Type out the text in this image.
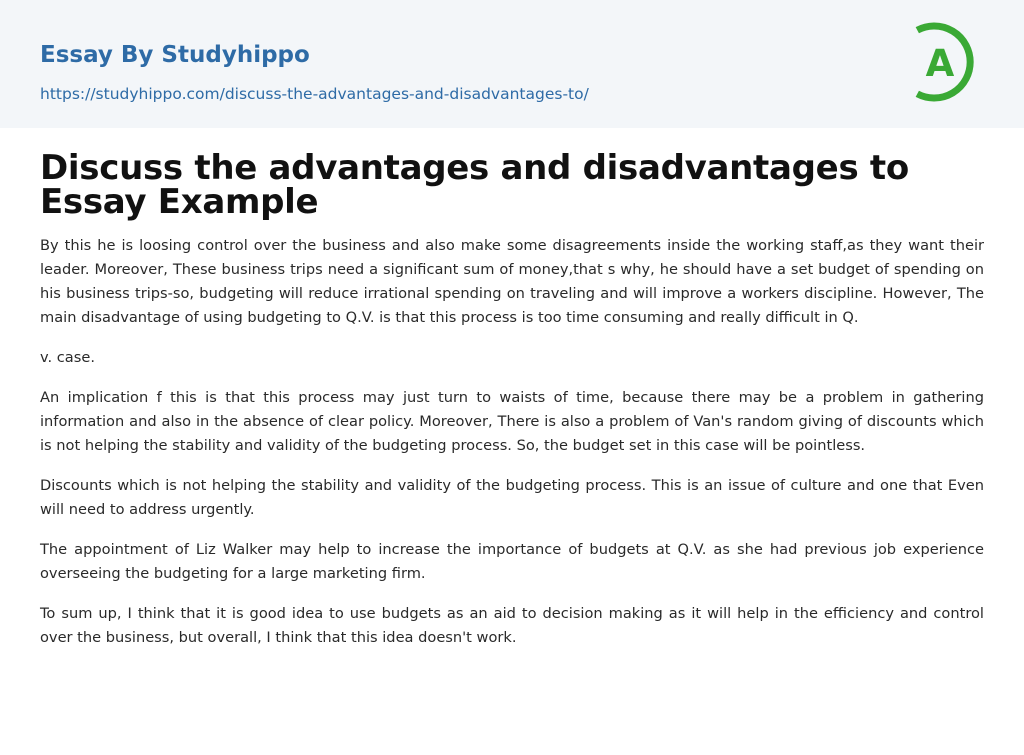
Essay By Studyhippo
https://studyhippo.com/discuss-the-advantages-and-disadvantages-to/
A
Discuss the advantages and disadvantages to Essay Example

By this he is loosing control over the business and also make some disagreements inside the working staff,as they want their leader. Moreover, These business trips need a significant sum of money,that s why, he should have a set budget of spending on his business trips-so, budgeting will reduce irrational spending on traveling and will improve a workers discipline. However, The main disadvantage of using budgeting to Q.V. is that this process is too time consuming and really difficult in Q.

v. case.

An implication f this is that this process may just turn to waists of time, because there may be a problem in gathering information and also in the absence of clear policy. Moreover, There is also a problem of Van's random giving of discounts which is not helping the stability and validity of the budgeting process. So, the budget set in this case will be pointless.

Discounts which is not helping the stability and validity of the budgeting process. This is an issue of culture and one that Even will need to address urgently.

The appointment of Liz Walker may help to increase the importance of budgets at Q.V. as she had previous job experience overseeing the budgeting for a large marketing firm.

To sum up, I think that it is good idea to use budgets as an aid to decision making as it will help in the efficiency and control over the business, but overall, I think that this idea doesn't work.
